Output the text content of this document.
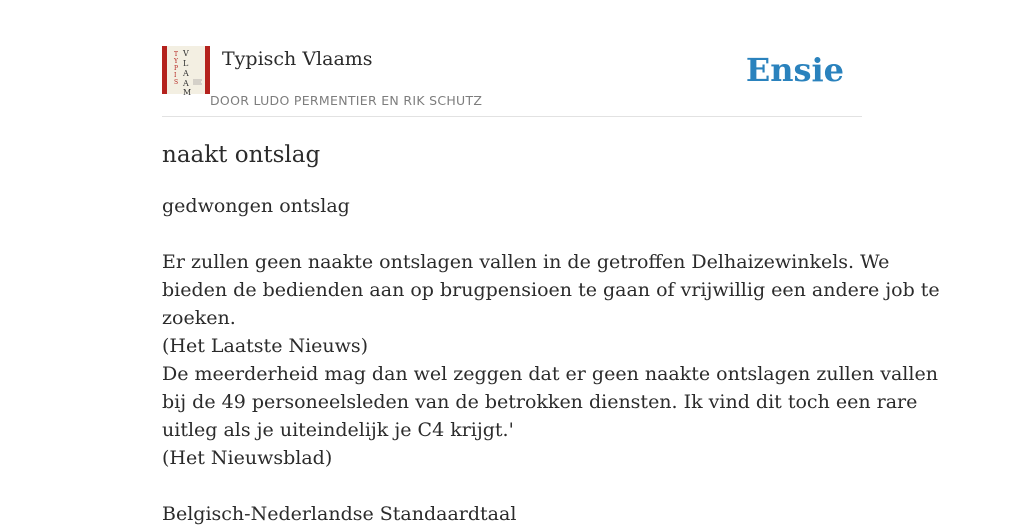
T
Y
P
I
S
V
L
A
A
M
Typisch Vlaams
DOOR LUDO PERMENTIER EN RIK SCHUTZ
Ensie
naakt ontslag

gedwongen ontslag

Er zullen geen naakte ontslagen vallen in de getroffen Delhaizewinkels. We

bieden de bedienden aan op brugpensioen te gaan of vrijwillig een andere job te

zoeken.

(Het Laatste Nieuws)

De meerderheid mag dan wel zeggen dat er geen naakte ontslagen zullen vallen

bij de 49 personeelsleden van de betrokken diensten. Ik vind dit toch een rare

uitleg als je uiteindelijk je C4 krijgt.'

(Het Nieuwsblad)

Belgisch-Nederlandse Standaardtaal
